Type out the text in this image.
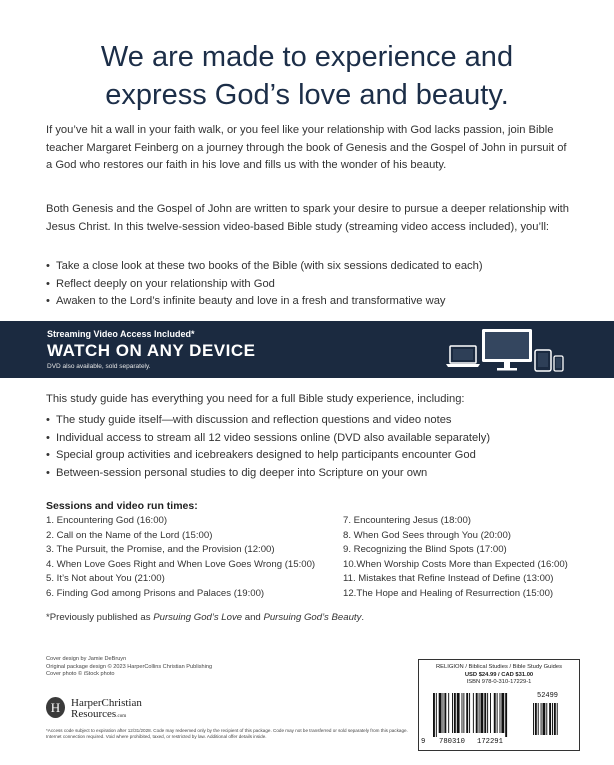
We are made to experience and
express God’s love and beauty.

If you’ve hit a wall in your faith walk, or you feel like your relationship with God lacks passion, join Bible teacher Margaret Feinberg on a journey through the book of Genesis and the Gospel of John in pursuit of a God who restores our faith in his love and fills us with the wonder of his beauty.

Both Genesis and the Gospel of John are written to spark your desire to pursue a deeper relationship with Jesus Christ. In this twelve-session video-based Bible study (streaming video access included), you’ll:

• Take a close look at these two books of the Bible (with six sessions dedicated to each)
• Reflect deeply on your relationship with God
• Awaken to the Lord’s infinite beauty and love in a fresh and transformative way
Streaming Video Access Included*
WATCH ON ANY DEVICE
DVD also available, sold separately.

This study guide has everything you need for a full Bible study experience, including:

• The study guide itself—with discussion and reflection questions and video notes
• Individual access to stream all 12 video sessions online (DVD also available separately)
• Special group activities and icebreakers designed to help participants encounter God
• Between-session personal studies to dig deeper into Scripture on your own
Sessions and video run times:
1. Encountering God (16:00)
2. Call on the Name of the Lord (15:00)
3. The Pursuit, the Promise, and the Provision (12:00)
4. When Love Goes Right and When Love Goes Wrong (15:00)
5. It’s Not about You (21:00)
6. Finding God among Prisons and Palaces (19:00)
7. Encountering Jesus (18:00)
8. When God Sees through You (20:00)
9. Recognizing the Blind Spots (17:00)
10.When Worship Costs More than Expected (16:00)
11. Mistakes that Refine Instead of Define (13:00)
12.The Hope and Healing of Resurrection (15:00)
*Previously published as Pursuing God’s Love and Pursuing God’s Beauty.
Cover design by Jamie DeBruyn
Original package design © 2023 HarperCollins Christian Publishing
Cover photo © iStock photo
H HarperChristian
Resources.com
*Access code subject to expiration after 12/31/2028. Code may redeemed only by the recipient of this package. Code may not be transferred or sold separately from this package. Internet connection required. Void where prohibited, taxed, or restricted by law. Additional offer details inside.
RELIGION / Biblical Studies / Bible Study Guides
USD $24.99 / CAD $31.00
ISBN 978-0-310-17229-1
52499
9 780310 172291
